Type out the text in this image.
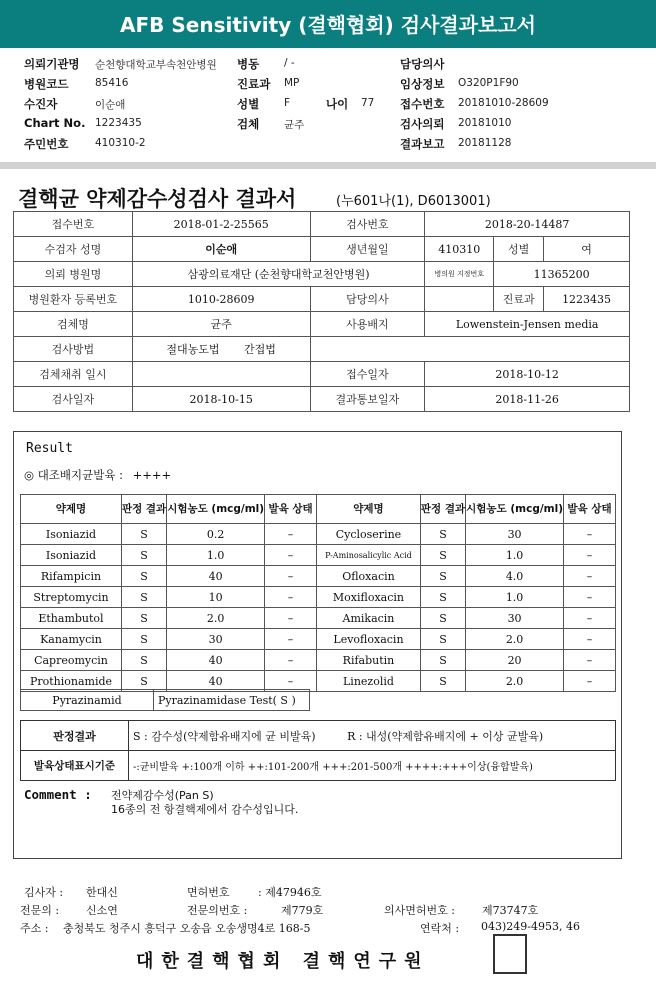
AFB Sensitivity (결핵협회) 검사결과보고서
의뢰기관명 순천향대학교부속천안병원 병동 / -	담당의사
병원코드	85416	진료과 MP	임상정보 O320P1F90
수진자	이순애	성별 F	나이 77 접수번호 20181010-28609
Chart No. 1223435	검체 균주	검사의뢰 20181010
주민번호	410310-2	결과보고 20181128
결핵균 약제감수성검사 결과서	(누601나(1), D6013001)
접수번호	2018-01-2-25565	검사번호	2018-20-14487		
수검자 성명	이순애	생년월일	410310	성별	여
의뢰 병원명	삼광의료재단 (순천향대학교천안병원)		병의원 지정번호	11365200	
병원환자 등록번호	1010-28609	담당의사		진료과	1223435
검체명	균주	사용배지	Lowenstein-Jensen media		
검사방법	절대농도법 간접법				
검체채취 일시		접수일자	2018-10-12		
검사일자	2018-10-15	결과통보일자	2018-11-26		
Result
◎ 대조배지균발육 : ++++
약제명	판정 결과	시험농도 (mcg/ml)	발육 상태	약제명	판정 결과	시험농도 (mcg/ml)	발육 상태
Isoniazid	S	0.2	–	Cycloserine	S	30	–
Isoniazid	S	1.0	–	P-Aminosalicylic Acid	S	1.0	–
Rifampicin	S	40	–	Ofloxacin	S	4.0	–
Streptomycin	S	10	–	Moxifloxacin	S	1.0	–
Ethambutol	S	2.0	–	Amikacin	S	30	–
Kanamycin	S	30	–	Levofloxacin	S	2.0	–
Capreomycin	S	40	–	Rifabutin	S	20	–
Prothionamide	S	40	–	Linezolid	S	2.0	–
Pyrazinamid	Pyrazinamidase Test( S )
판정결과	S : 감수성(약제함유배지에 균 비발육) R : 내성(약제함유배지에 + 이상 균발육)
발육상태표시기준	-:균비발육 +:100개 이하 ++:101-200개 +++:201-500개 ++++:+++이상(융합발육)
Comment : 전약제감수성(Pan S)
16종의 전 항결핵제에서 감수성입니다.
김사자 : 한대신	면허번호	: 제47946호
전문의 : 신소연	전문의번호 :	제779호	의사면허번호 : 제73747호
주소 : 충청북도 청주시 흥덕구 오송읍 오송생명4로 168-5	연락처 : 043)249-4953, 46
대한결핵협회 결핵연구원
